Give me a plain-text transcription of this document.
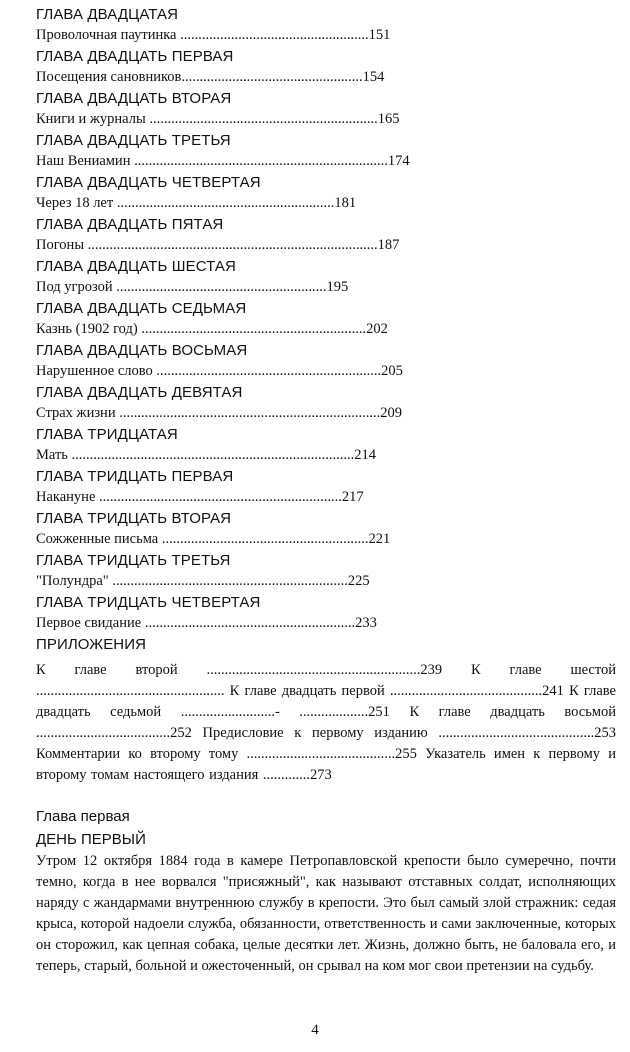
ГЛАВА ДВАДЦАТАЯ
Проволочная паутинка ....................................................151
ГЛАВА ДВАДЦАТЬ ПЕРВАЯ
Посещения сановников..................................................154
ГЛАВА ДВАДЦАТЬ ВТОРАЯ
Книги и журналы ...............................................................165
ГЛАВА ДВАДЦАТЬ ТРЕТЬЯ
Наш Вениамин ......................................................................174
ГЛАВА ДВАДЦАТЬ ЧЕТВЕРТАЯ
Через 18 лет ............................................................181
ГЛАВА ДВАДЦАТЬ ПЯТАЯ
Погоны ................................................................................187
ГЛАВА ДВАДЦАТЬ ШЕСТАЯ
Под угрозой ..........................................................195
ГЛАВА ДВАДЦАТЬ СЕДЬМАЯ
Казнь (1902 год) ..............................................................202
ГЛАВА ДВАДЦАТЬ ВОСЬМАЯ
Нарушенное слово ..............................................................205
ГЛАВА ДВАДЦАТЬ ДЕВЯТАЯ
Страх жизни ........................................................................209
ГЛАВА ТРИДЦАТАЯ
Мать ..............................................................................214
ГЛАВА ТРИДЦАТЬ ПЕРВАЯ
Накануне ...................................................................217
ГЛАВА ТРИДЦАТЬ ВТОРАЯ
Сожженные письма .........................................................221
ГЛАВА ТРИДЦАТЬ ТРЕТЬЯ
"Полундра" .................................................................225
ГЛАВА ТРИДЦАТЬ ЧЕТВЕРТАЯ
Первое свидание ..........................................................233
ПРИЛОЖЕНИЯ
К главе второй ...........................................................239 К главе шестой .................................................... К главе двадцать первой ..........................................241 К главе двадцать седьмой ..........................- ...................251 К главе двадцать восьмой .....................................252 Предисловие к первому изданию ...........................................253 Комментарии ко второму тому .........................................255 Указатель имен к первому и второму томам настоящего издания .............273
Глава первая
ДЕНЬ ПЕРВЫЙ
Утром 12 октября 1884 года в камере Петропавловской крепости было сумеречно, почти темно, когда в нее ворвался "присяжный", как называют отставных солдат, исполняющих наряду с жандармами внутреннюю службу в крепости. Это был самый злой стражник: седая крыса, которой надоели служба, обязанности, ответственность и сами заключенные, которых он сторожил, как цепная собака, целые десятки лет. Жизнь, должно быть, не баловала его, и теперь, старый, больной и ожесточенный, он срывал на ком мог свои претензии на судьбу.
4
